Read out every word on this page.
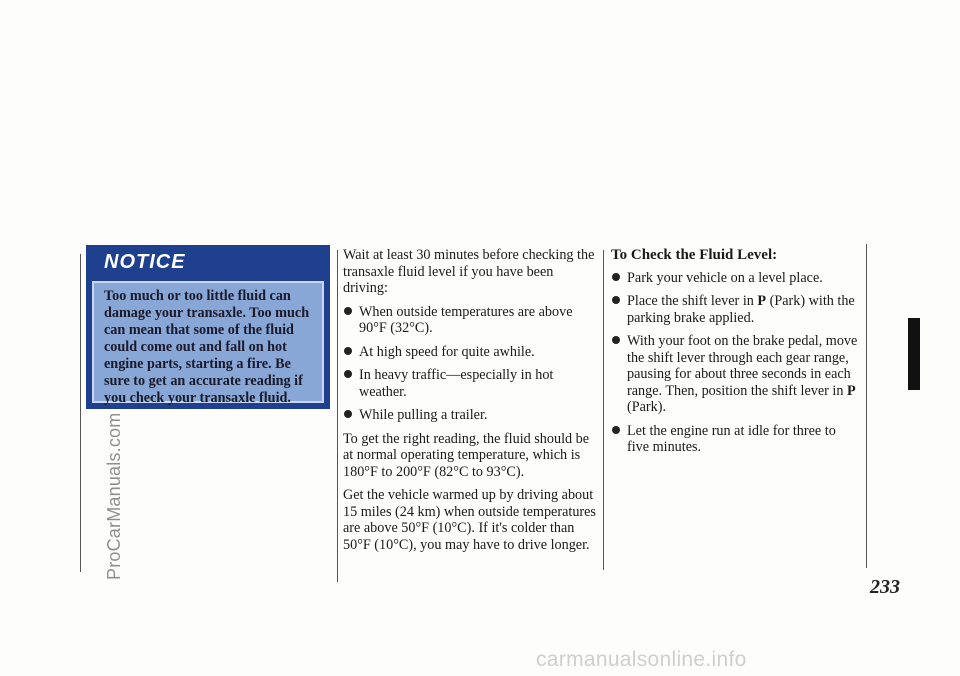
ProCarManuals.com
NOTICE
Too much or too little fluid can damage your transaxle. Too much can mean that some of the fluid could come out and fall on hot engine parts, starting a fire. Be sure to get an accurate reading if you check your transaxle fluid.

Wait at least 30 minutes before checking the transaxle fluid level if you have been driving:

When outside temperatures are above 90°F (32°C).
At high speed for quite awhile.
In heavy traffic—especially in hot weather.
While pulling a trailer.

To get the right reading, the fluid should be at normal operating temperature, which is 180°F to 200°F (82°C to 93°C).

Get the vehicle warmed up by driving about 15 miles (24 km) when outside temperatures are above 50°F (10°C). If it's colder than 50°F (10°C), you may have to drive longer.

To Check the Fluid Level:
Park your vehicle on a level place.
Place the shift lever in P (Park) with the parking brake applied.
With your foot on the brake pedal, move the shift lever through each gear range, pausing for about three seconds in each range. Then, position the shift lever in P (Park).
Let the engine run at idle for three to five minutes.
233
carmanualsonline.info
